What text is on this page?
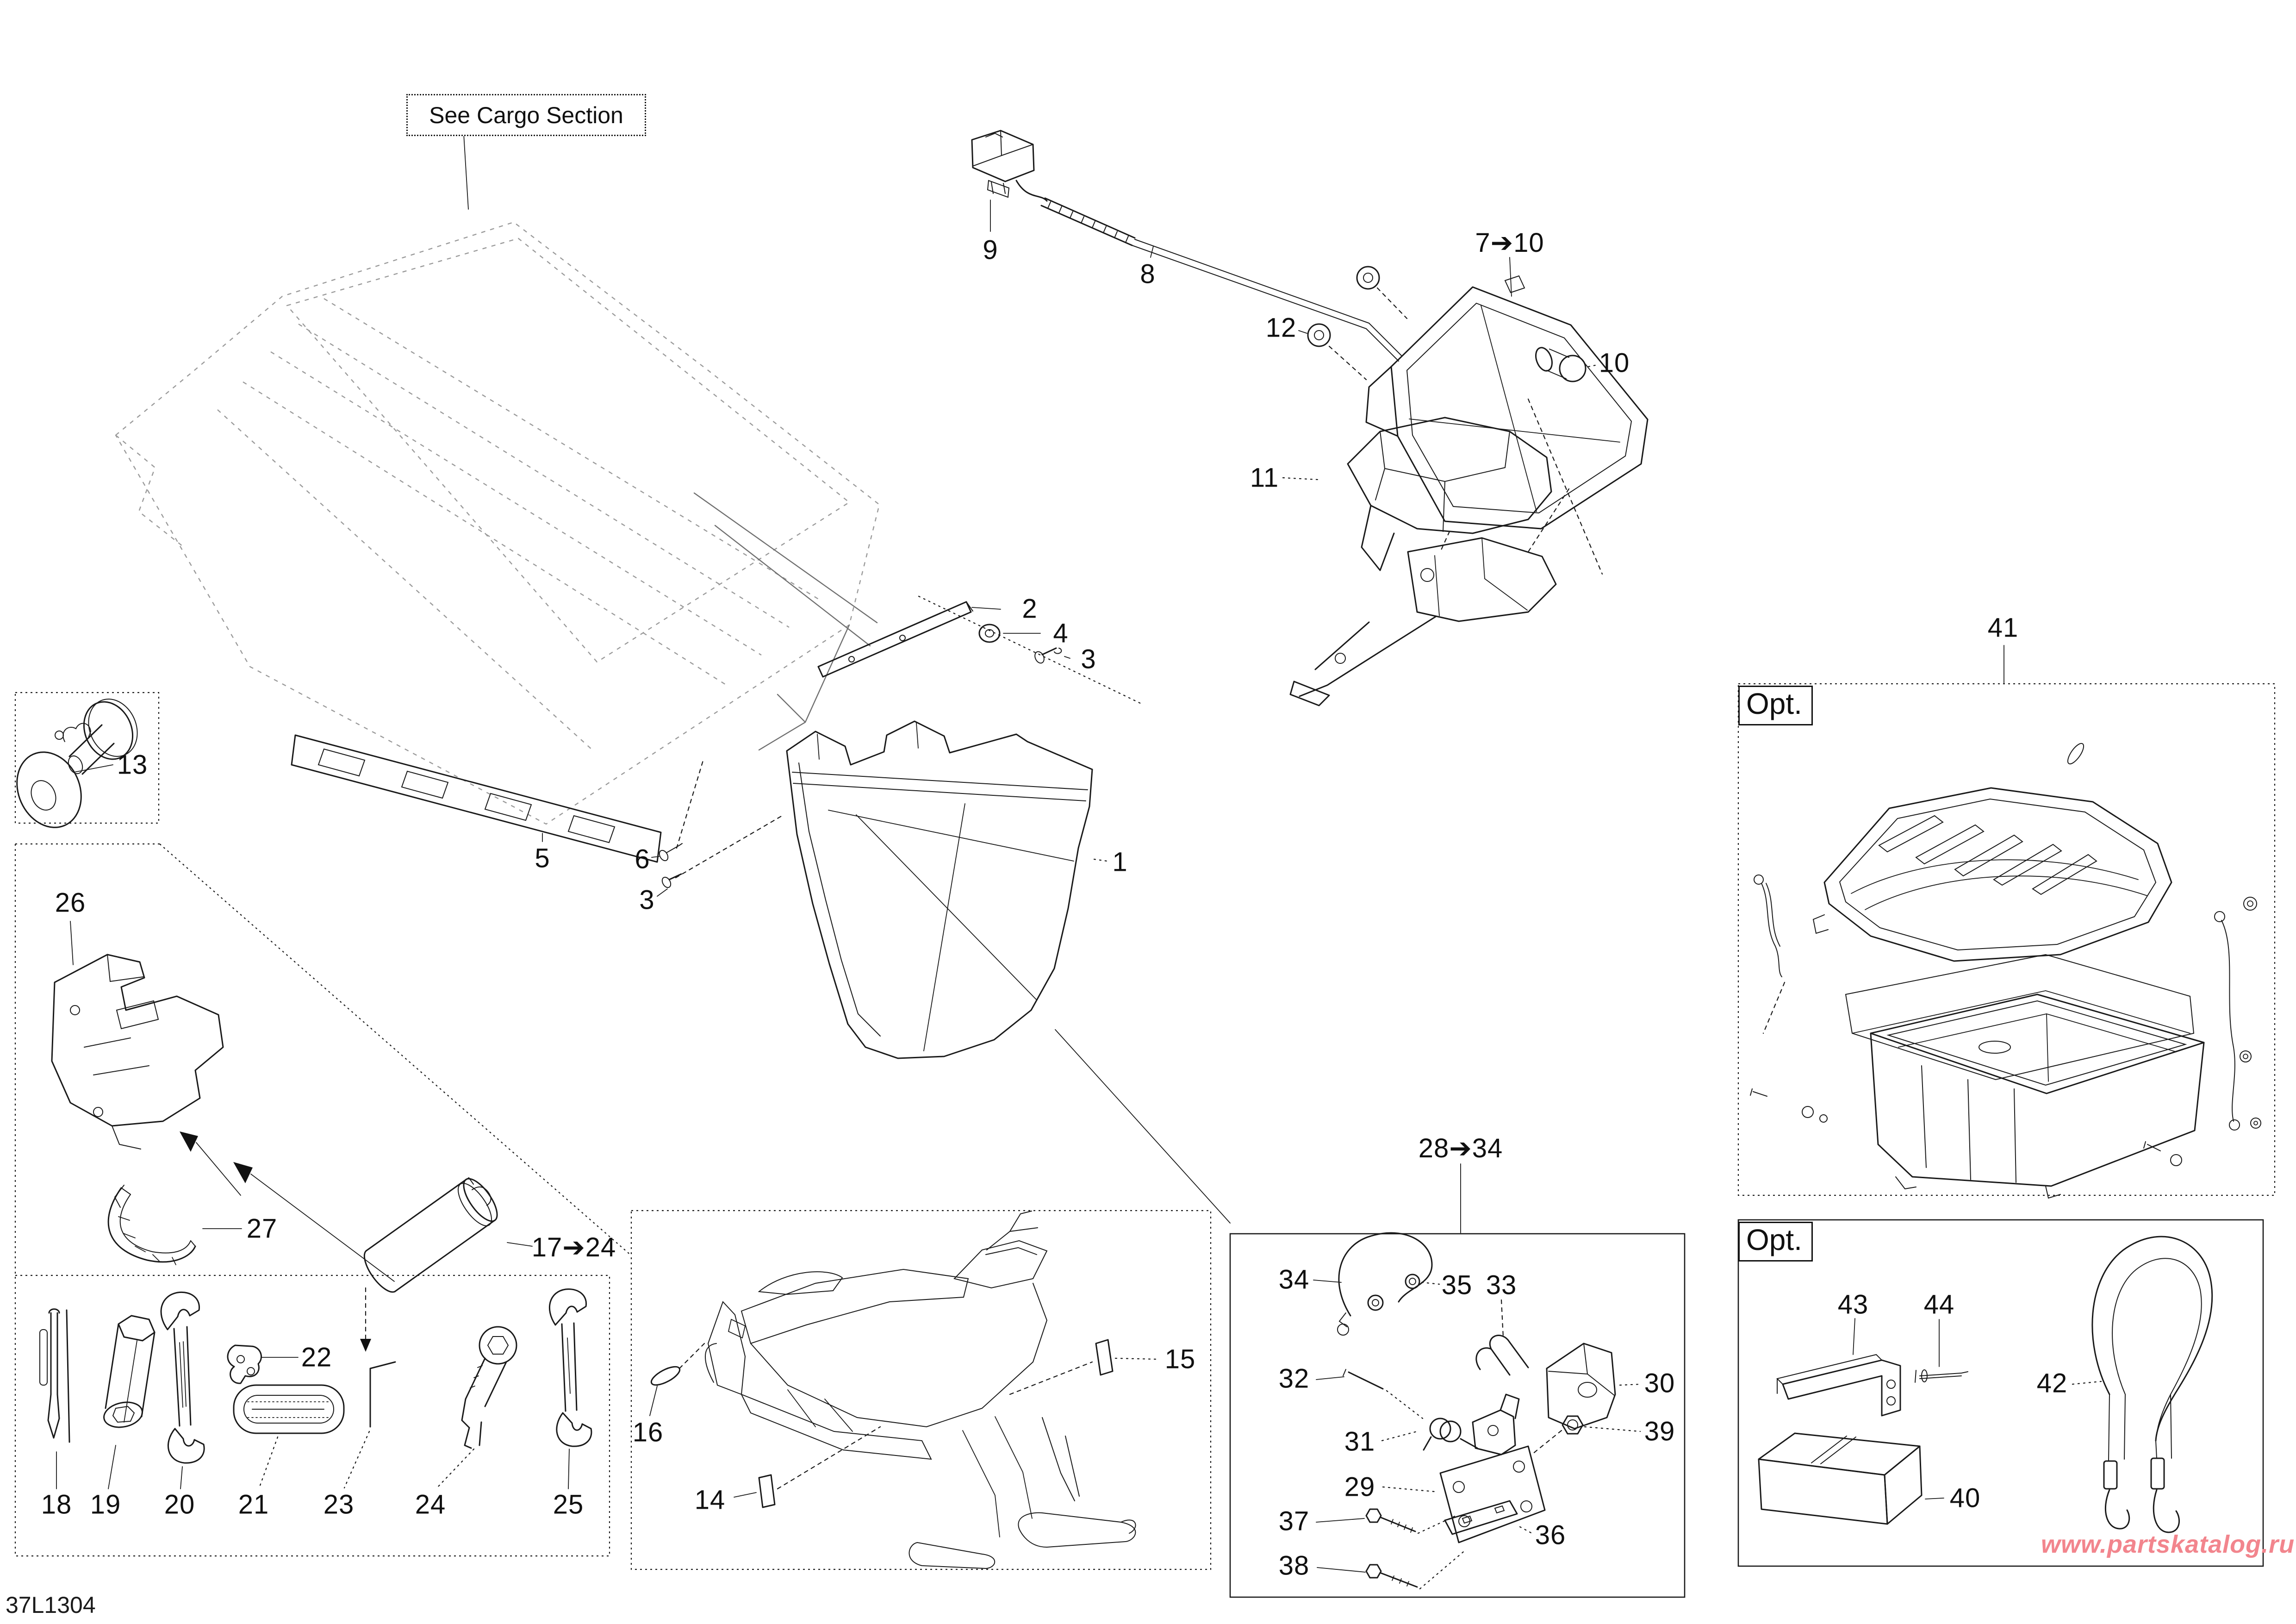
See Cargo Section
Opt.
Opt.
1
2
3
4
3
5	6
7➔10
8
9
10
11
12
13
14
15
16
17➔24
18 19 20 21
22
23 24	25
26
27
28➔34
29
30
31
32
33
34	35
36
37
38
39
40
41
42
43 44
www.partskatalog.ru
37L1304
